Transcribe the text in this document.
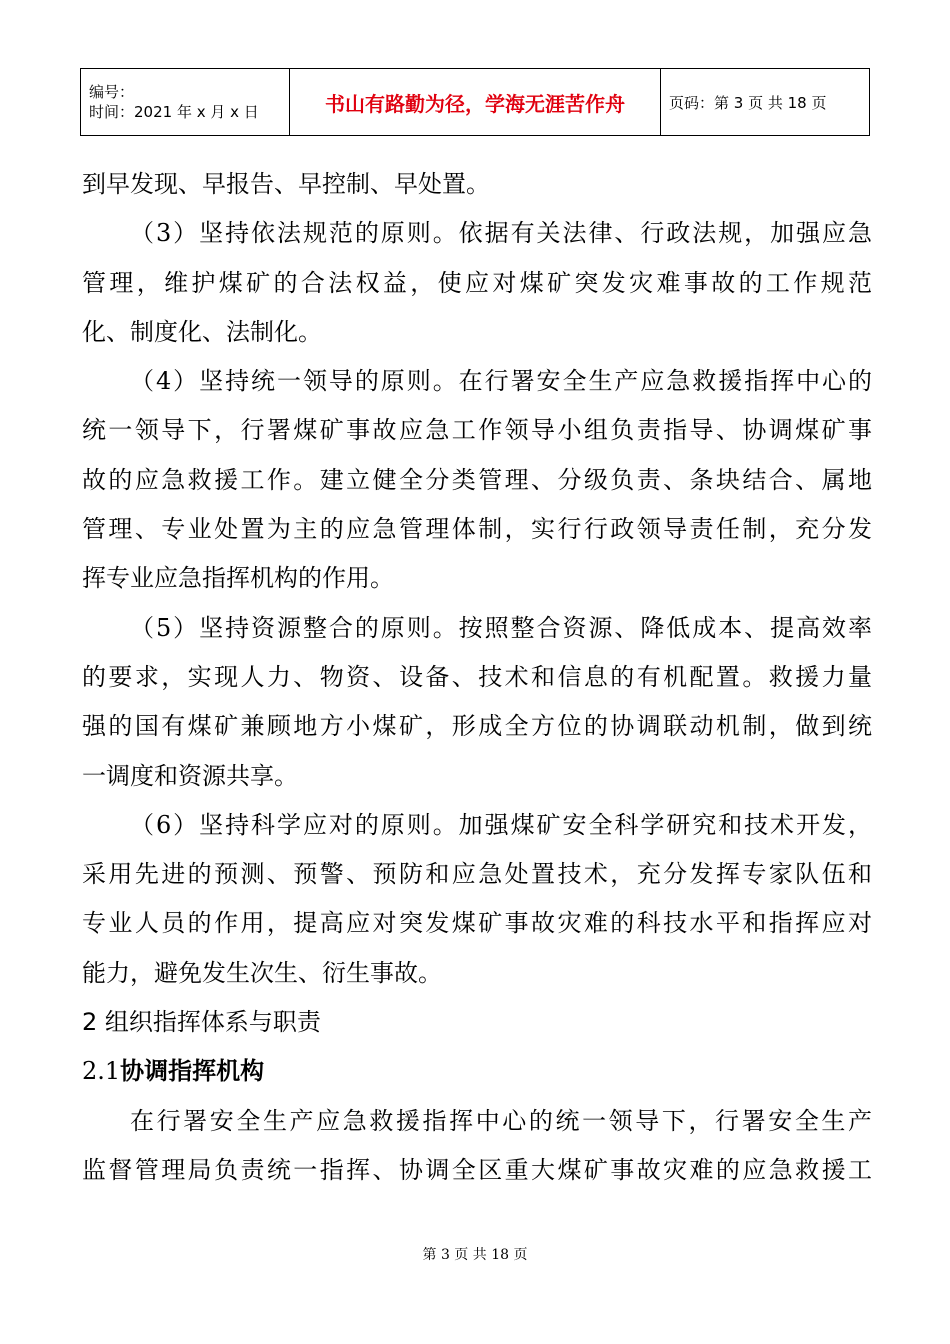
编号：
时间：2021 年 x 月 x 日	书山有路勤为径，学海无涯苦作舟	页码：第 3 页 共 18 页
到早发现、早报告、早控制、早处置。
（3）坚持依法规范的原则。依据有关法律、行政法规，加强应急
管理，维护煤矿的合法权益，使应对煤矿突发灾难事故的工作规范
化、制度化、法制化。
（4）坚持统一领导的原则。在行署安全生产应急救援指挥中心的
统一领导下，行署煤矿事故应急工作领导小组负责指导、协调煤矿事
故的应急救援工作。建立健全分类管理、分级负责、条块结合、属地
管理、专业处置为主的应急管理体制，实行行政领导责任制，充分发
挥专业应急指挥机构的作用。
（5）坚持资源整合的原则。按照整合资源、降低成本、提高效率
的要求，实现人力、物资、设备、技术和信息的有机配置。救援力量
强的国有煤矿兼顾地方小煤矿，形成全方位的协调联动机制，做到统
一调度和资源共享。
（6）坚持科学应对的原则。加强煤矿安全科学研究和技术开发，
采用先进的预测、预警、预防和应急处置技术，充分发挥专家队伍和
专业人员的作用，提高应对突发煤矿事故灾难的科技水平和指挥应对
能力，避免发生次生、衍生事故。
2 组织指挥体系与职责
2.1协调指挥机构
在行署安全生产应急救援指挥中心的统一领导下，行署安全生产
监督管理局负责统一指挥、协调全区重大煤矿事故灾难的应急救援工
第 3 页 共 18 页
